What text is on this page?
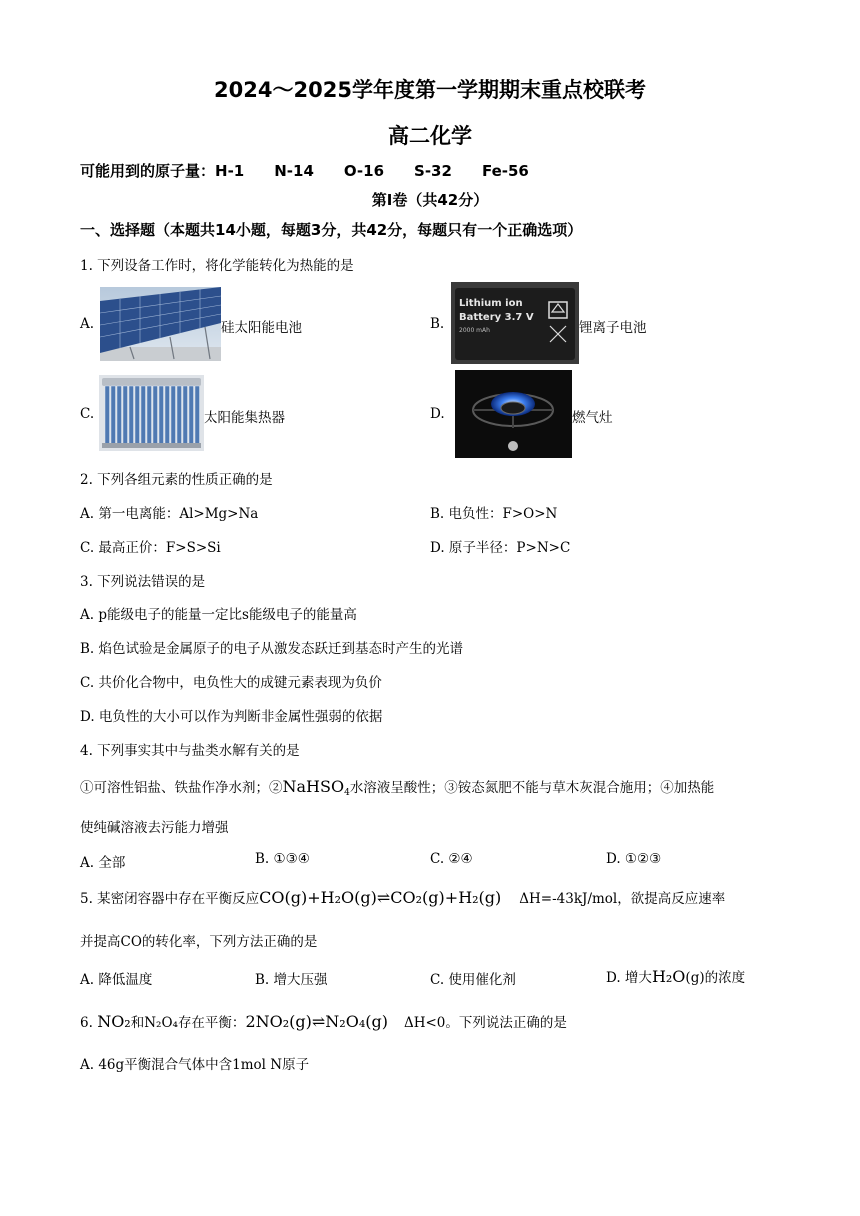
2024～2025学年度第一学期期末重点校联考
高二化学
可能用到的原子量：H-1 N-14 O-16 S-32 Fe-56
第Ⅰ卷（共42分）
一、选择题（本题共14小题，每题3分，共42分，每题只有一个正确选项）
1. 下列设备工作时，将化学能转化为热能的是
A.	硅太阳能电池	B.
Lithium ion
Battery 3.7 V
2000 mAh	锂离子电池
C.	太阳能集热器	D.	燃气灶
2. 下列各组元素的性质正确的是
A. 第一电离能：Al>Mg>Na	B. 电负性：F>O>N
C. 最高正价：F>S>Si	D. 原子半径：P>N>C
3. 下列说法错误的是
A. p能级电子的能量一定比s能级电子的能量高
B. 焰色试验是金属原子的电子从激发态跃迁到基态时产生的光谱
C. 共价化合物中，电负性大的成键元素表现为负价
D. 电负性的大小可以作为判断非金属性强弱的依据
4. 下列事实其中与盐类水解有关的是
①可溶性铝盐、铁盐作净水剂；②NaHSO$_4$水溶液呈酸性；③铵态氮肥不能与草木灰混合施用；④加热能
使纯碱溶液去污能力增强
A. 全部	B. ①③④	C. ②④	D. ①②③
5. 某密闭容器中存在平衡反应CO(g)+H₂O(g)⇌CO₂(g)+H₂(g) ΔH=-43kJ/mol，欲提高反应速率
并提高CO的转化率，下列方法正确的是
A. 降低温度	B. 增大压强	C. 使用催化剂	D. 增大H₂O(g)的浓度
6. NO₂和N₂O₄存在平衡：2NO₂(g)⇌N₂O₄(g) ΔH<0。下列说法正确的是
A. 46g平衡混合气体中含1mol N原子
